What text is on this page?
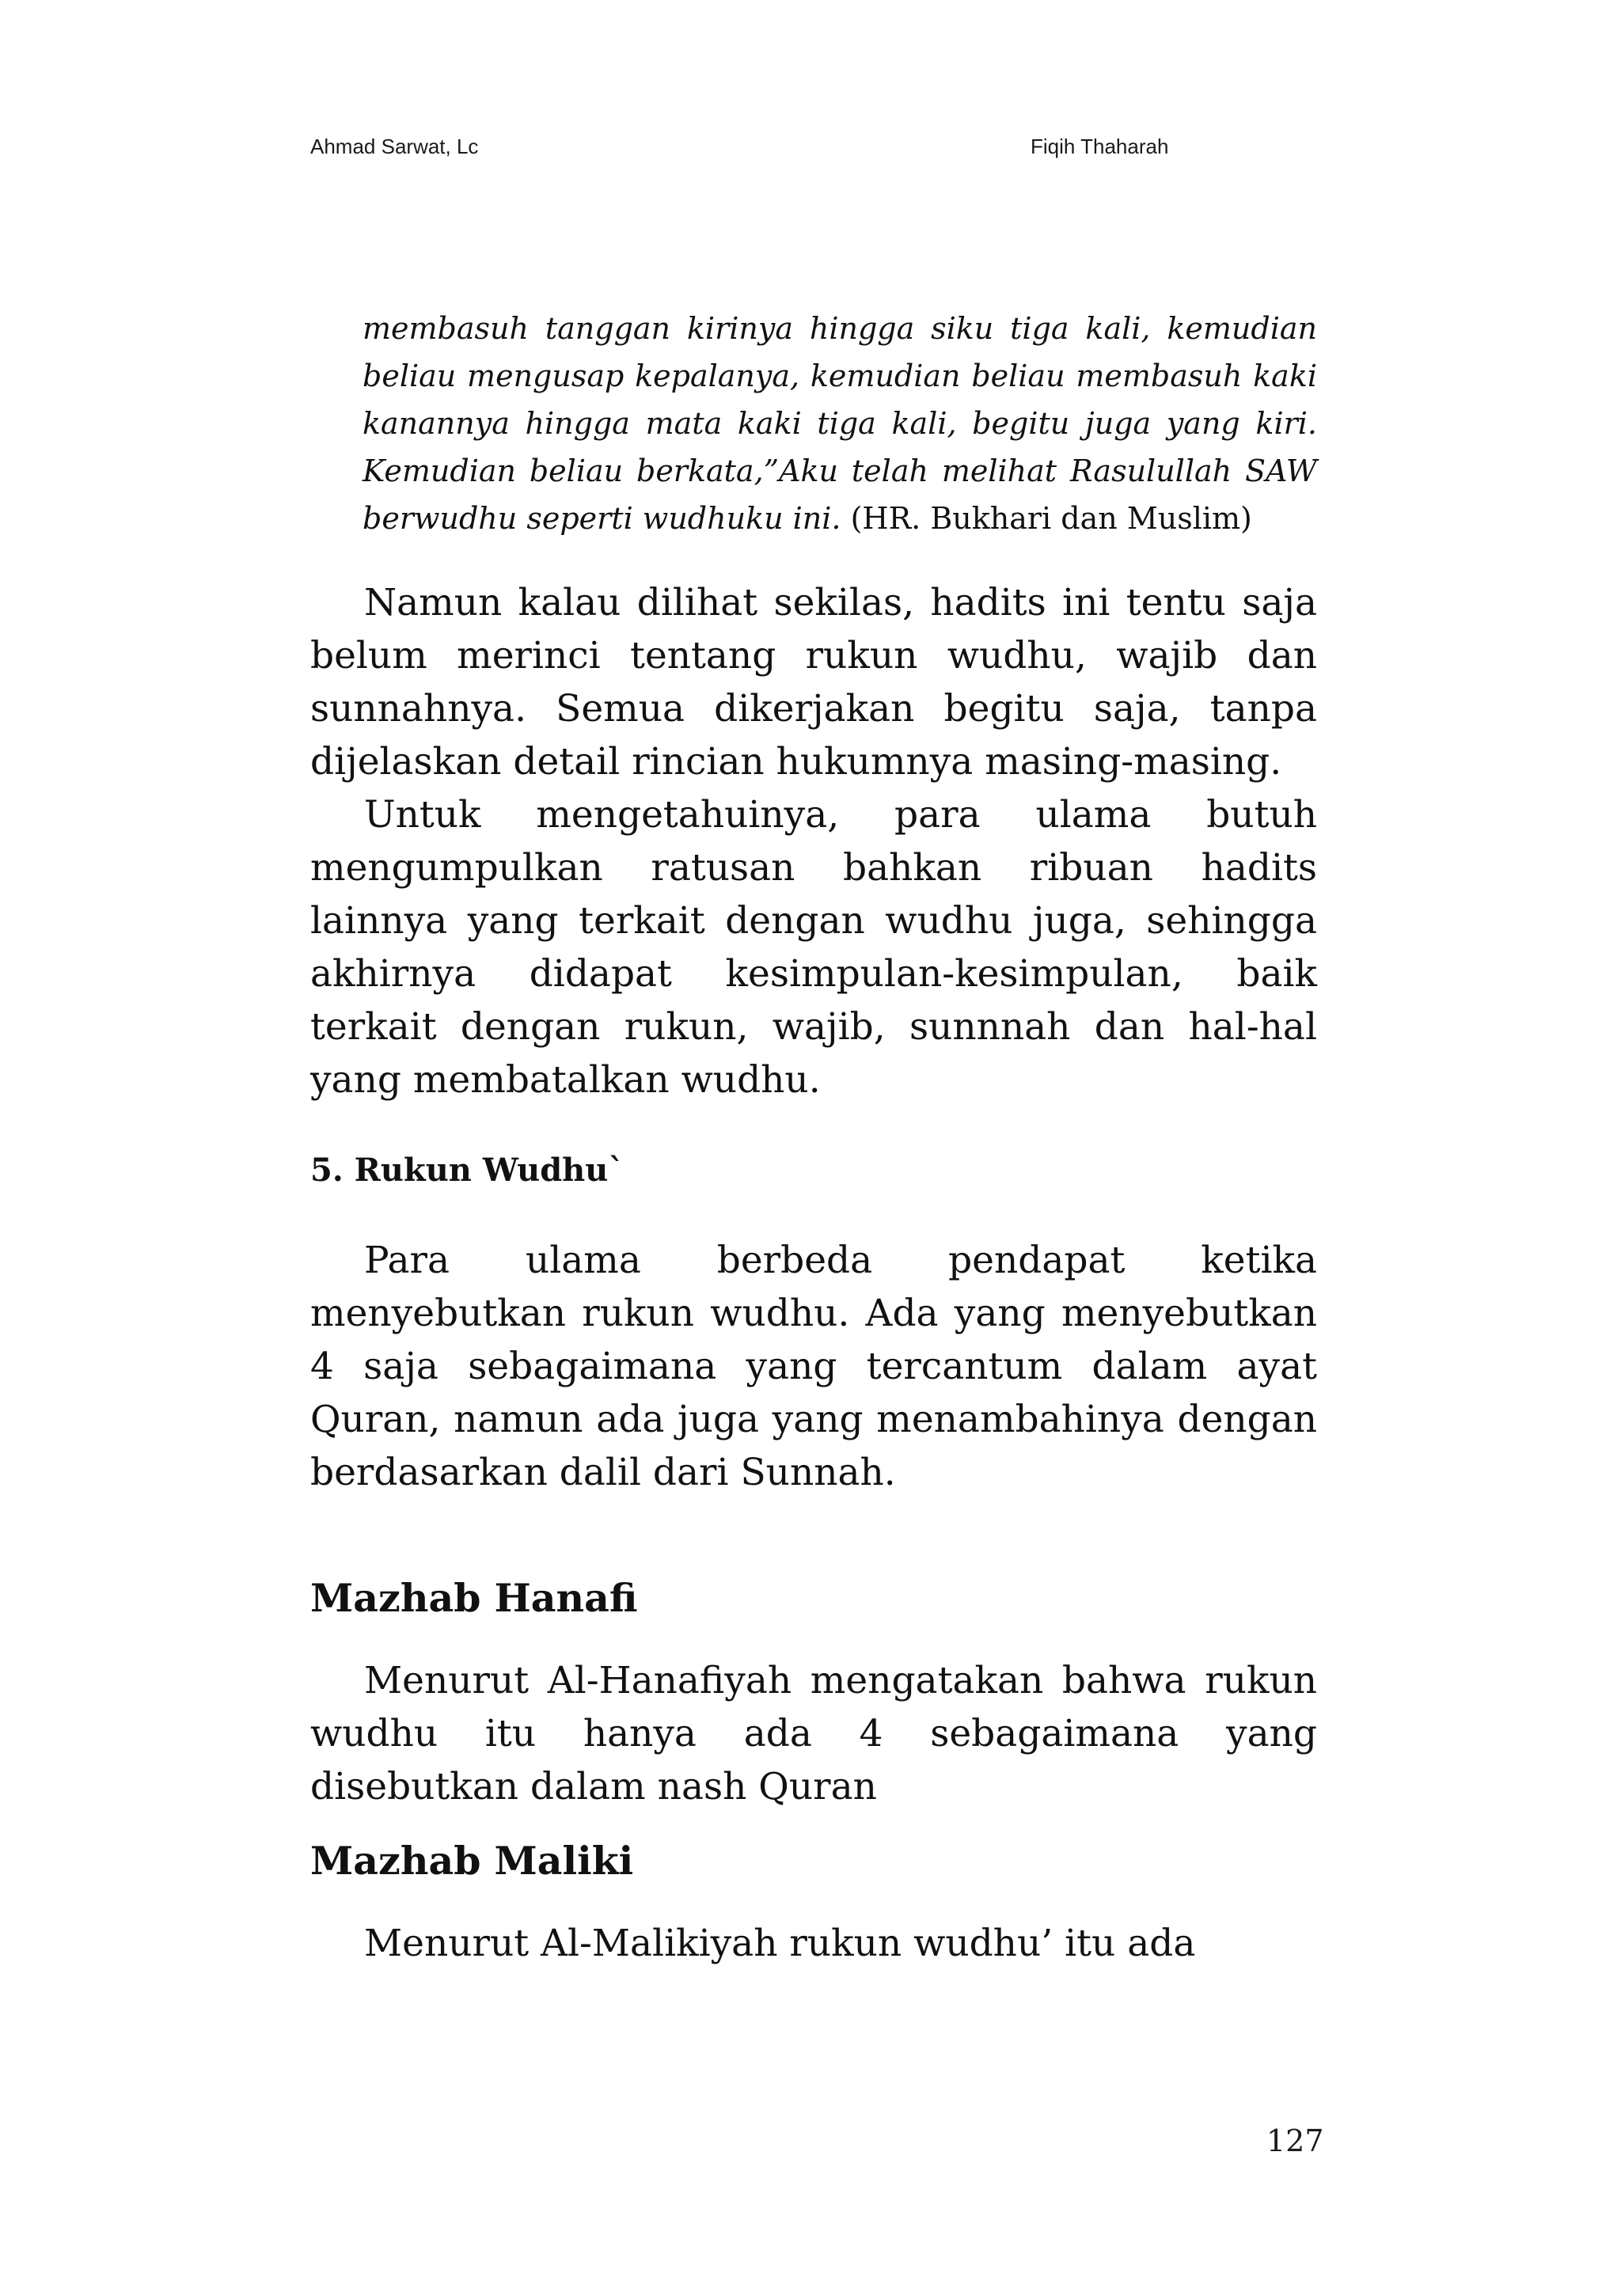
Ahmad Sarwat, Lc	Fiqih Thaharah
membasuh tanggan kirinya hingga siku tiga kali, kemudian beliau mengusap kepalanya, kemudian beliau membasuh kaki kanannya hingga mata kaki tiga kali, begitu juga yang kiri. Kemudian beliau berkata,”Aku telah melihat Rasulullah SAW berwudhu seperti wudhuku ini. (HR. Bukhari dan Muslim)

Namun kalau dilihat sekilas, hadits ini tentu saja belum merinci tentang rukun wudhu, wajib dan sunnahnya. Semua dikerjakan begitu saja, tanpa dijelaskan detail rincian hukumnya masing-masing.

Untuk mengetahuinya, para ulama butuh mengumpulkan ratusan bahkan ribuan hadits lainnya yang terkait dengan wudhu juga, sehingga akhirnya didapat kesimpulan-kesimpulan, baik terkait dengan rukun, wajib, sunnnah dan hal-hal yang membatalkan wudhu.

5. Rukun Wudhu`

Para ulama berbeda pendapat ketika menyebutkan rukun wudhu. Ada yang menyebutkan 4 saja sebagaimana yang tercantum dalam ayat Quran, namun ada juga yang menambahinya dengan berdasarkan dalil dari Sunnah.

Mazhab Hanafi

Menurut Al-Hanafiyah mengatakan bahwa rukun wudhu itu hanya ada 4 sebagaimana yang disebutkan dalam nash Quran

Mazhab Maliki

Menurut Al-Malikiyah rukun wudhu’ itu ada

127
